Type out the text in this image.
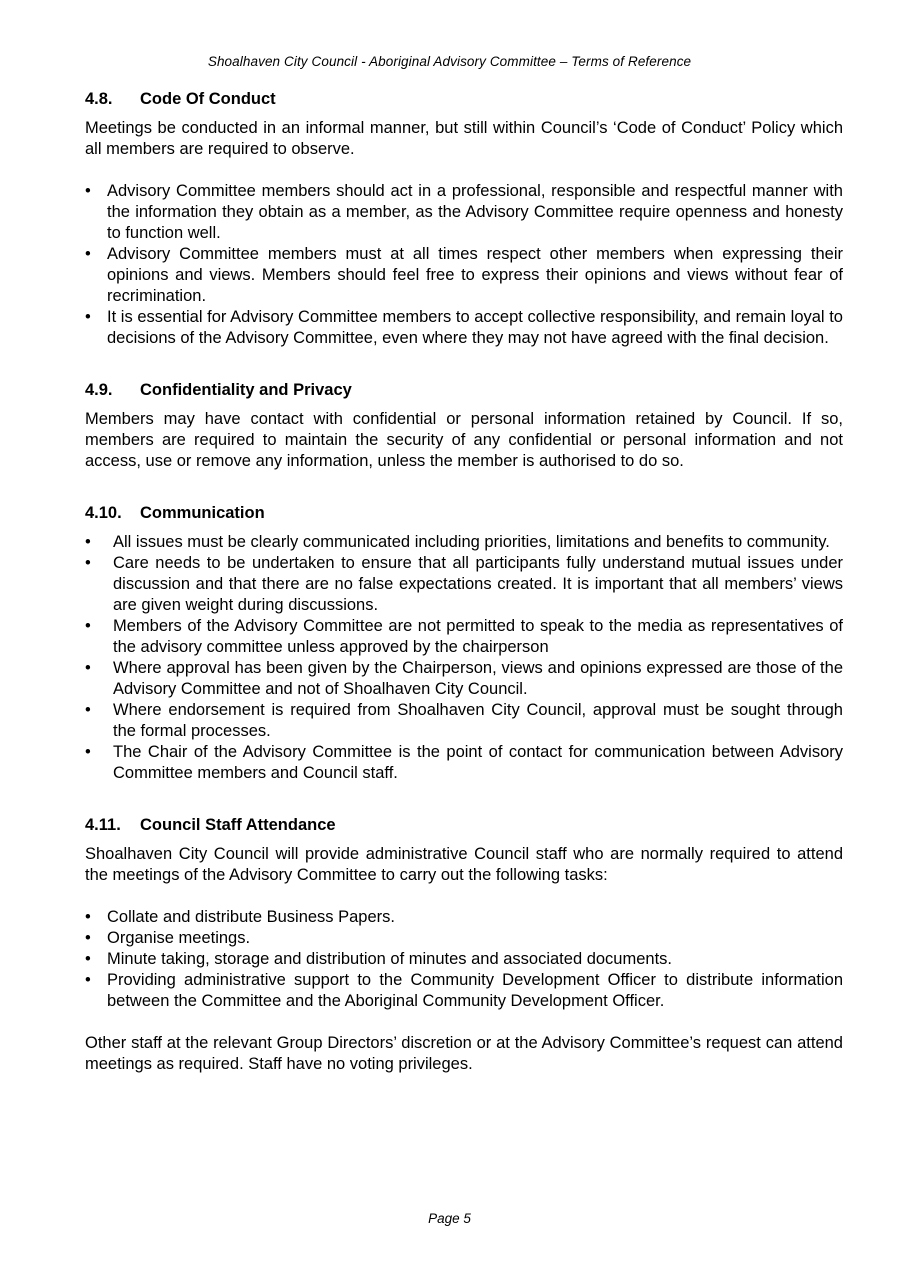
Shoalhaven City Council - Aboriginal Advisory Committee – Terms of Reference
4.8. Code Of Conduct

Meetings be conducted in an informal manner, but still within Council’s ‘Code of Conduct’ Policy which all members are required to observe.

• Advisory Committee members should act in a professional, responsible and respectful manner with the information they obtain as a member, as the Advisory Committee require openness and honesty to function well.
• Advisory Committee members must at all times respect other members when expressing their opinions and views. Members should feel free to express their opinions and views without fear of recrimination.
• It is essential for Advisory Committee members to accept collective responsibility, and remain loyal to decisions of the Advisory Committee, even where they may not have agreed with the final decision.
4.9. Confidentiality and Privacy

Members may have contact with confidential or personal information retained by Council. If so, members are required to maintain the security of any confidential or personal information and not access, use or remove any information, unless the member is authorised to do so.

4.10. Communication
• All issues must be clearly communicated including priorities, limitations and benefits to community.
• Care needs to be undertaken to ensure that all participants fully understand mutual issues under discussion and that there are no false expectations created. It is important that all members’ views are given weight during discussions.
• Members of the Advisory Committee are not permitted to speak to the media as representatives of the advisory committee unless approved by the chairperson
• Where approval has been given by the Chairperson, views and opinions expressed are those of the Advisory Committee and not of Shoalhaven City Council.
• Where endorsement is required from Shoalhaven City Council, approval must be sought through the formal processes.
• The Chair of the Advisory Committee is the point of contact for communication between Advisory Committee members and Council staff.
4.11. Council Staff Attendance

Shoalhaven City Council will provide administrative Council staff who are normally required to attend the meetings of the Advisory Committee to carry out the following tasks:

• Collate and distribute Business Papers.
• Organise meetings.
• Minute taking, storage and distribution of minutes and associated documents.
• Providing administrative support to the Community Development Officer to distribute information between the Committee and the Aboriginal Community Development Officer.

Other staff at the relevant Group Directors’ discretion or at the Advisory Committee’s request can attend meetings as required. Staff have no voting privileges.

Page 5
